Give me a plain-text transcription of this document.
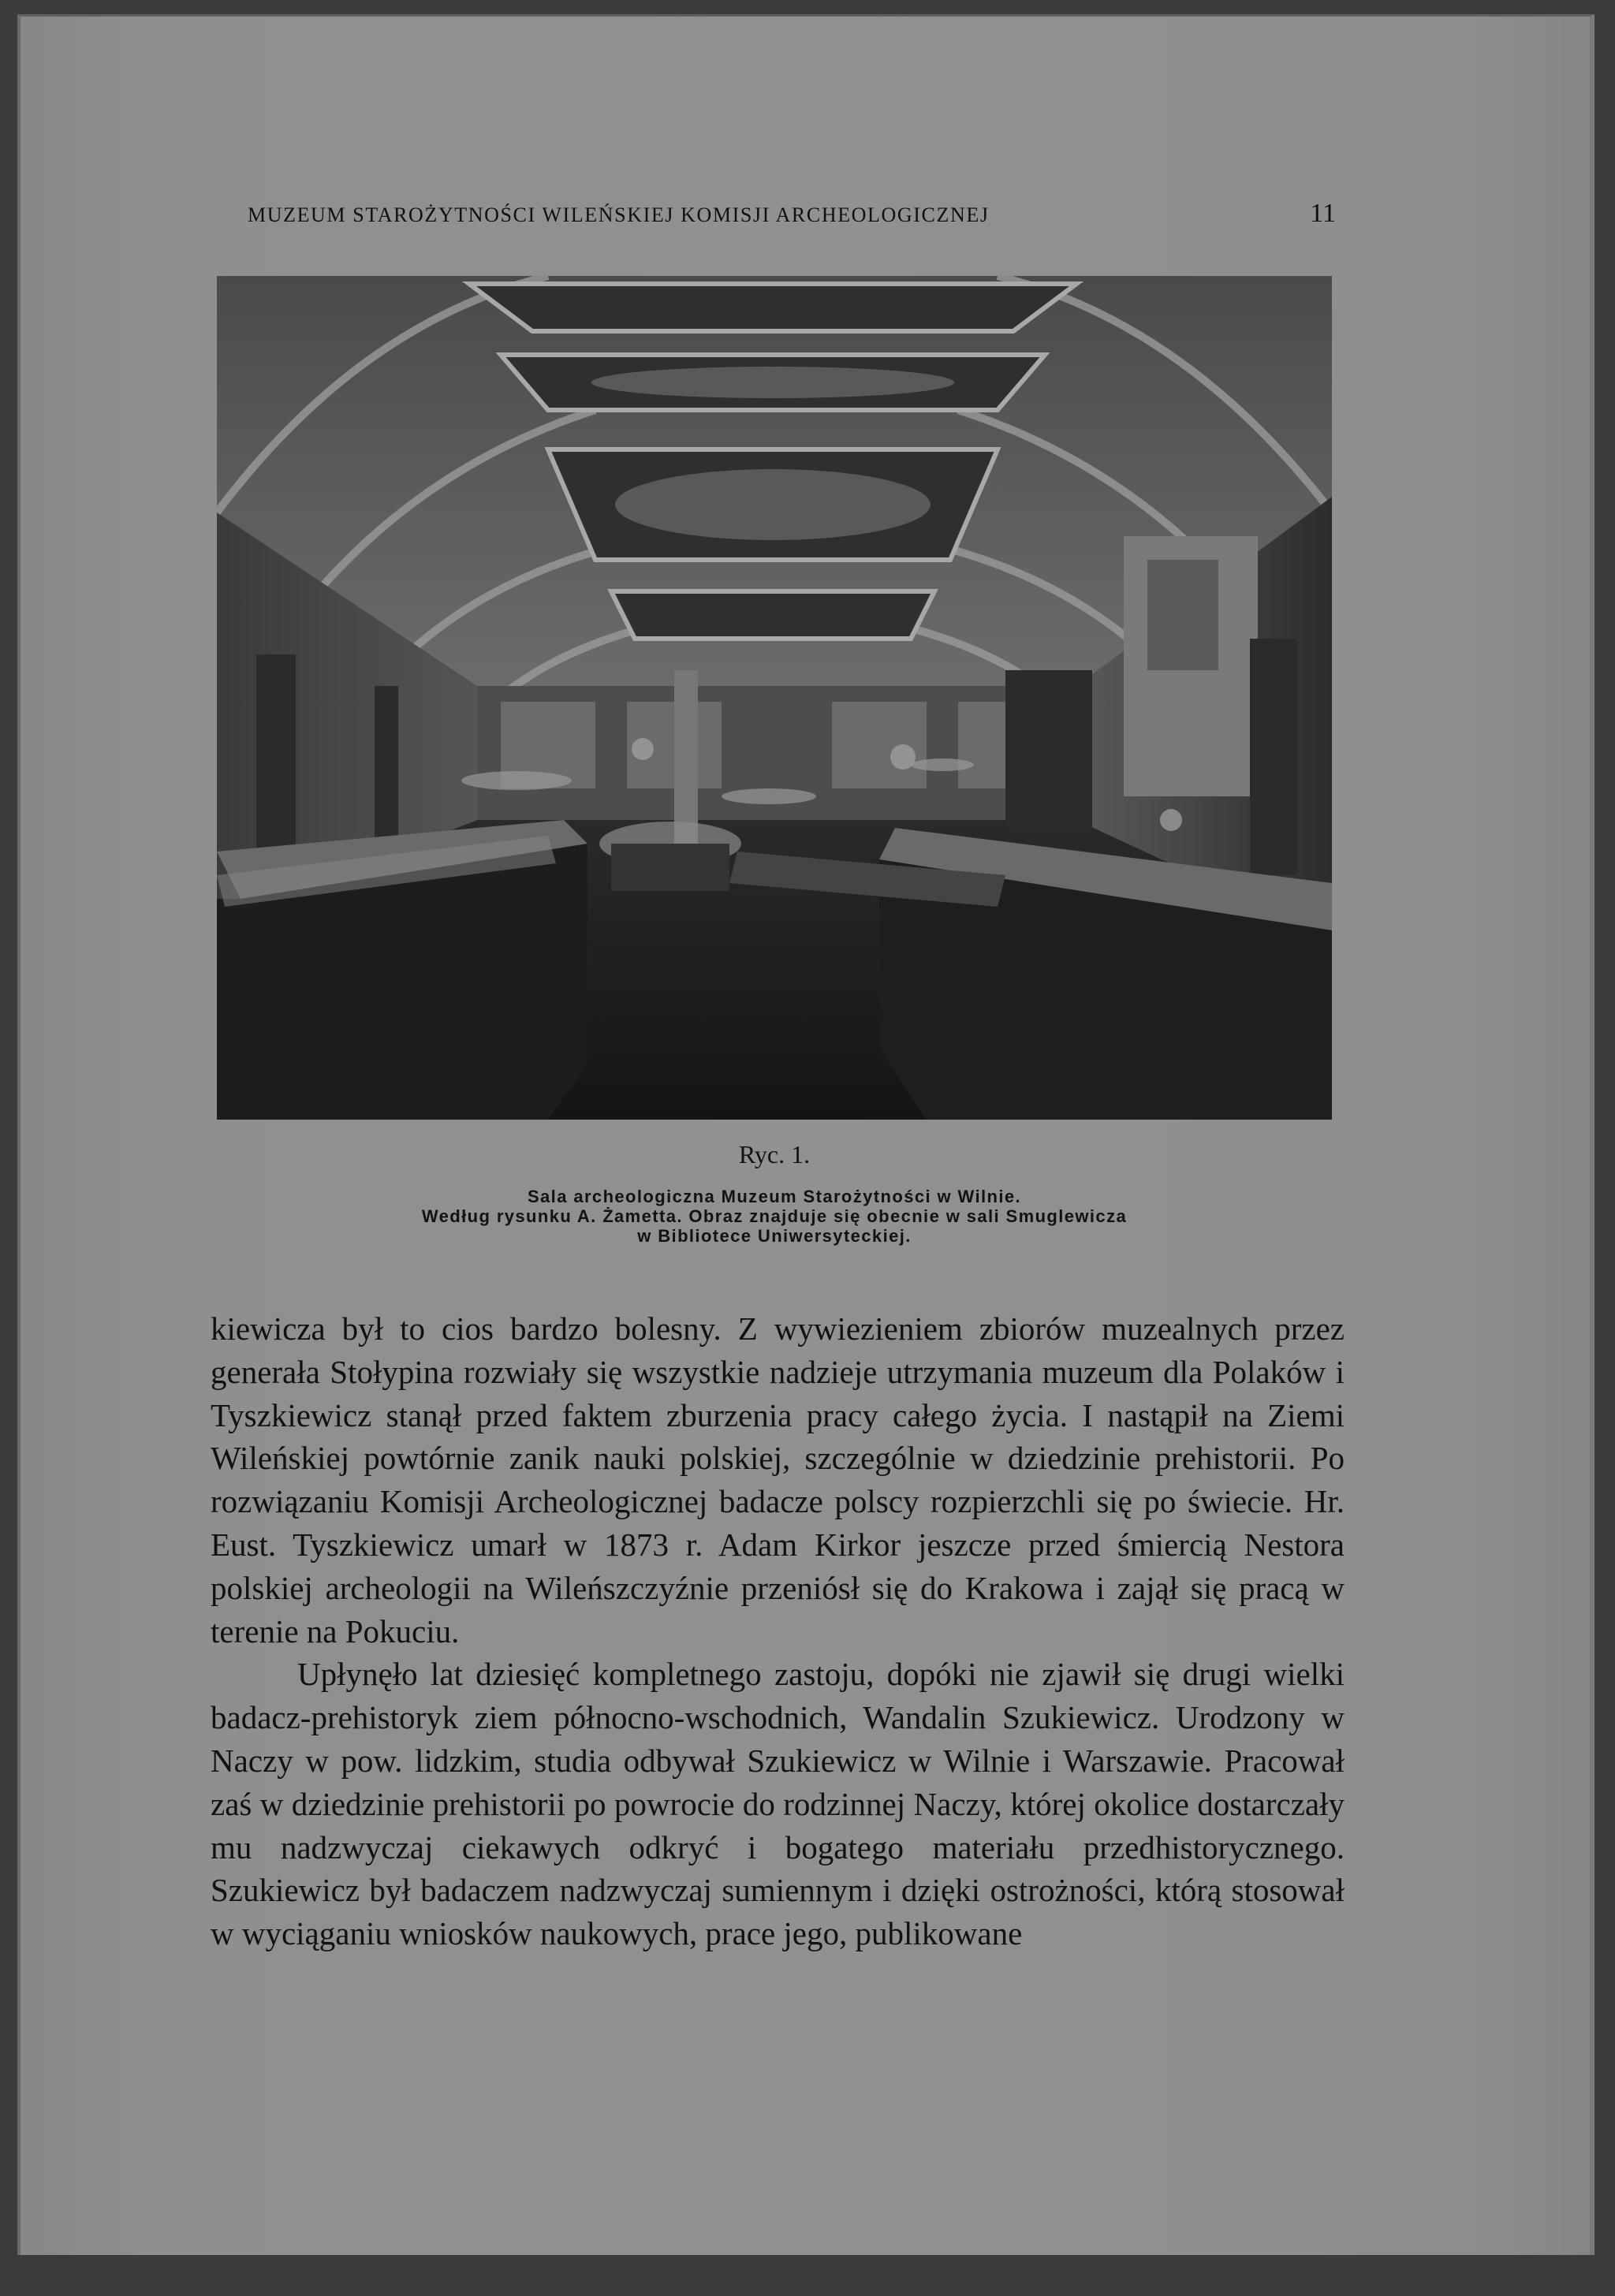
MUZEUM STAROŻYTNOŚCI WILEŃSKIEJ KOMISJI ARCHEOLOGICZNEJ	11
Ryc. 1.
Sala archeologiczna Muzeum Starożytności w Wilnie.
Według rysunku A. Żametta. Obraz znajduje się obecnie w sali Smuglewicza
w Bibliotece Uniwersyteckiej.

kiewicza był to cios bardzo bolesny. Z wywiezieniem zbiorów muzealnych przez generała Stołypina rozwiały się wszystkie nadzieje utrzymania muzeum dla Polaków i Tyszkiewicz stanął przed faktem zburzenia pracy całego życia. I nastąpił na Ziemi Wileńskiej powtórnie zanik nauki polskiej, szczególnie w dziedzinie prehistorii. Po rozwiązaniu Komisji Archeologicznej badacze polscy rozpierzchli się po świecie. Hr. Eust. Tyszkiewicz umarł w 1873 r. Adam Kirkor jeszcze przed śmiercią Nestora polskiej archeologii na Wileńszczyźnie przeniósł się do Krakowa i zajął się pracą w terenie na Pokuciu.

Upłynęło lat dziesięć kompletnego zastoju, dopóki nie zjawił się drugi wielki badacz-prehistoryk ziem północno-wschodnich, Wandalin Szukiewicz. Urodzony w Naczy w pow. lidzkim, studia odbywał Szukiewicz w Wilnie i Warszawie. Pracował zaś w dziedzinie prehistorii po powrocie do rodzinnej Naczy, której okolice dostarczały mu nadzwyczaj ciekawych odkryć i bogatego materiału przedhistorycznego. Szukiewicz był badaczem nadzwyczaj sumiennym i dzięki ostrożności, którą stosował w wyciąganiu wniosków naukowych, prace jego, publikowane
